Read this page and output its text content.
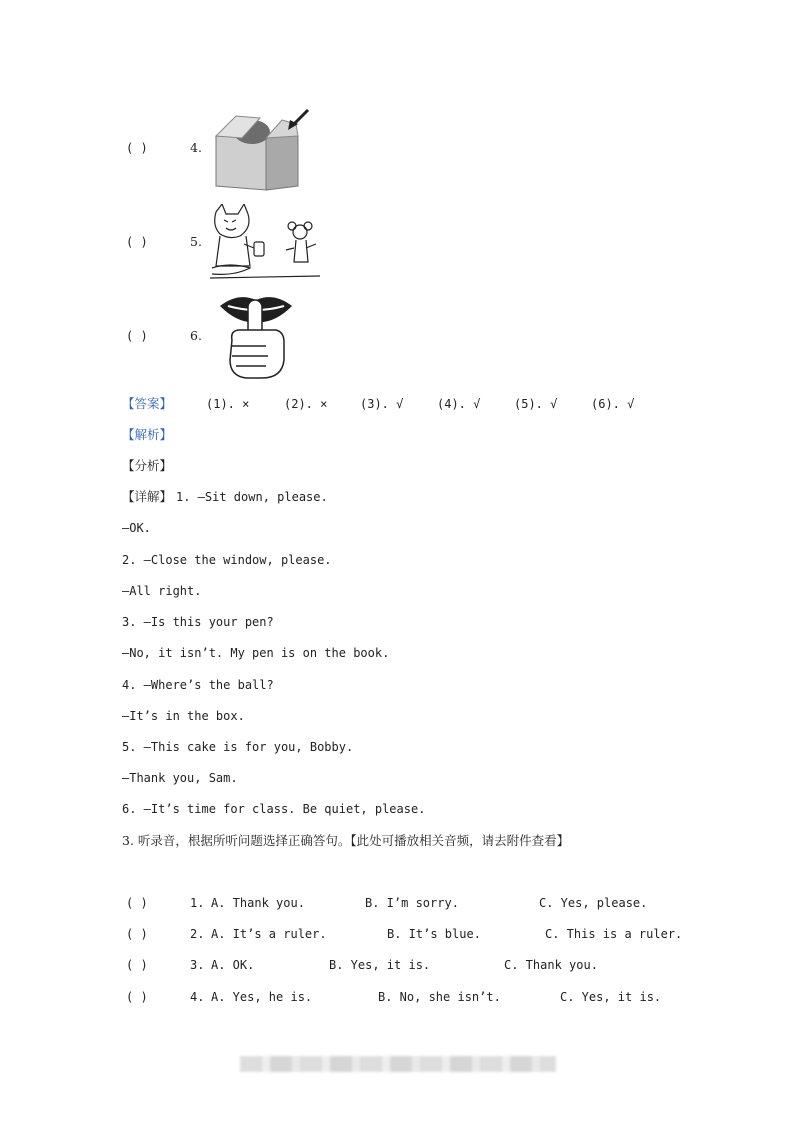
( )	4.
( )	5.
( )	6.
【答案】	(1). ×	(2). ×	(3). √	(4). √	(5). √	(6). √
【解析】
【分析】
【详解】 1. —Sit down, please.
—OK.
2. —Close the window, please.
—All right.
3. —Is this your pen?
—No, it isn’t. My pen is on the book.
4. —Where’s the ball?
—It’s in the box.
5. —This cake is for you, Bobby.
—Thank you, Sam.
6. —It’s time for class. Be quiet, please.
3. 听录音，根据所听问题选择正确答句。【此处可播放相关音频，请去附件查看】
( )	1. A. Thank you.	B. I’m sorry.	C. Yes, please.
( )	2. A. It’s a ruler.	B. It’s blue.	C. This is a ruler.
( )	3. A. OK.	B. Yes, it is.	C. Thank you.
( )	4. A. Yes, he is.	B. No, she isn’t.	C. Yes, it is.
